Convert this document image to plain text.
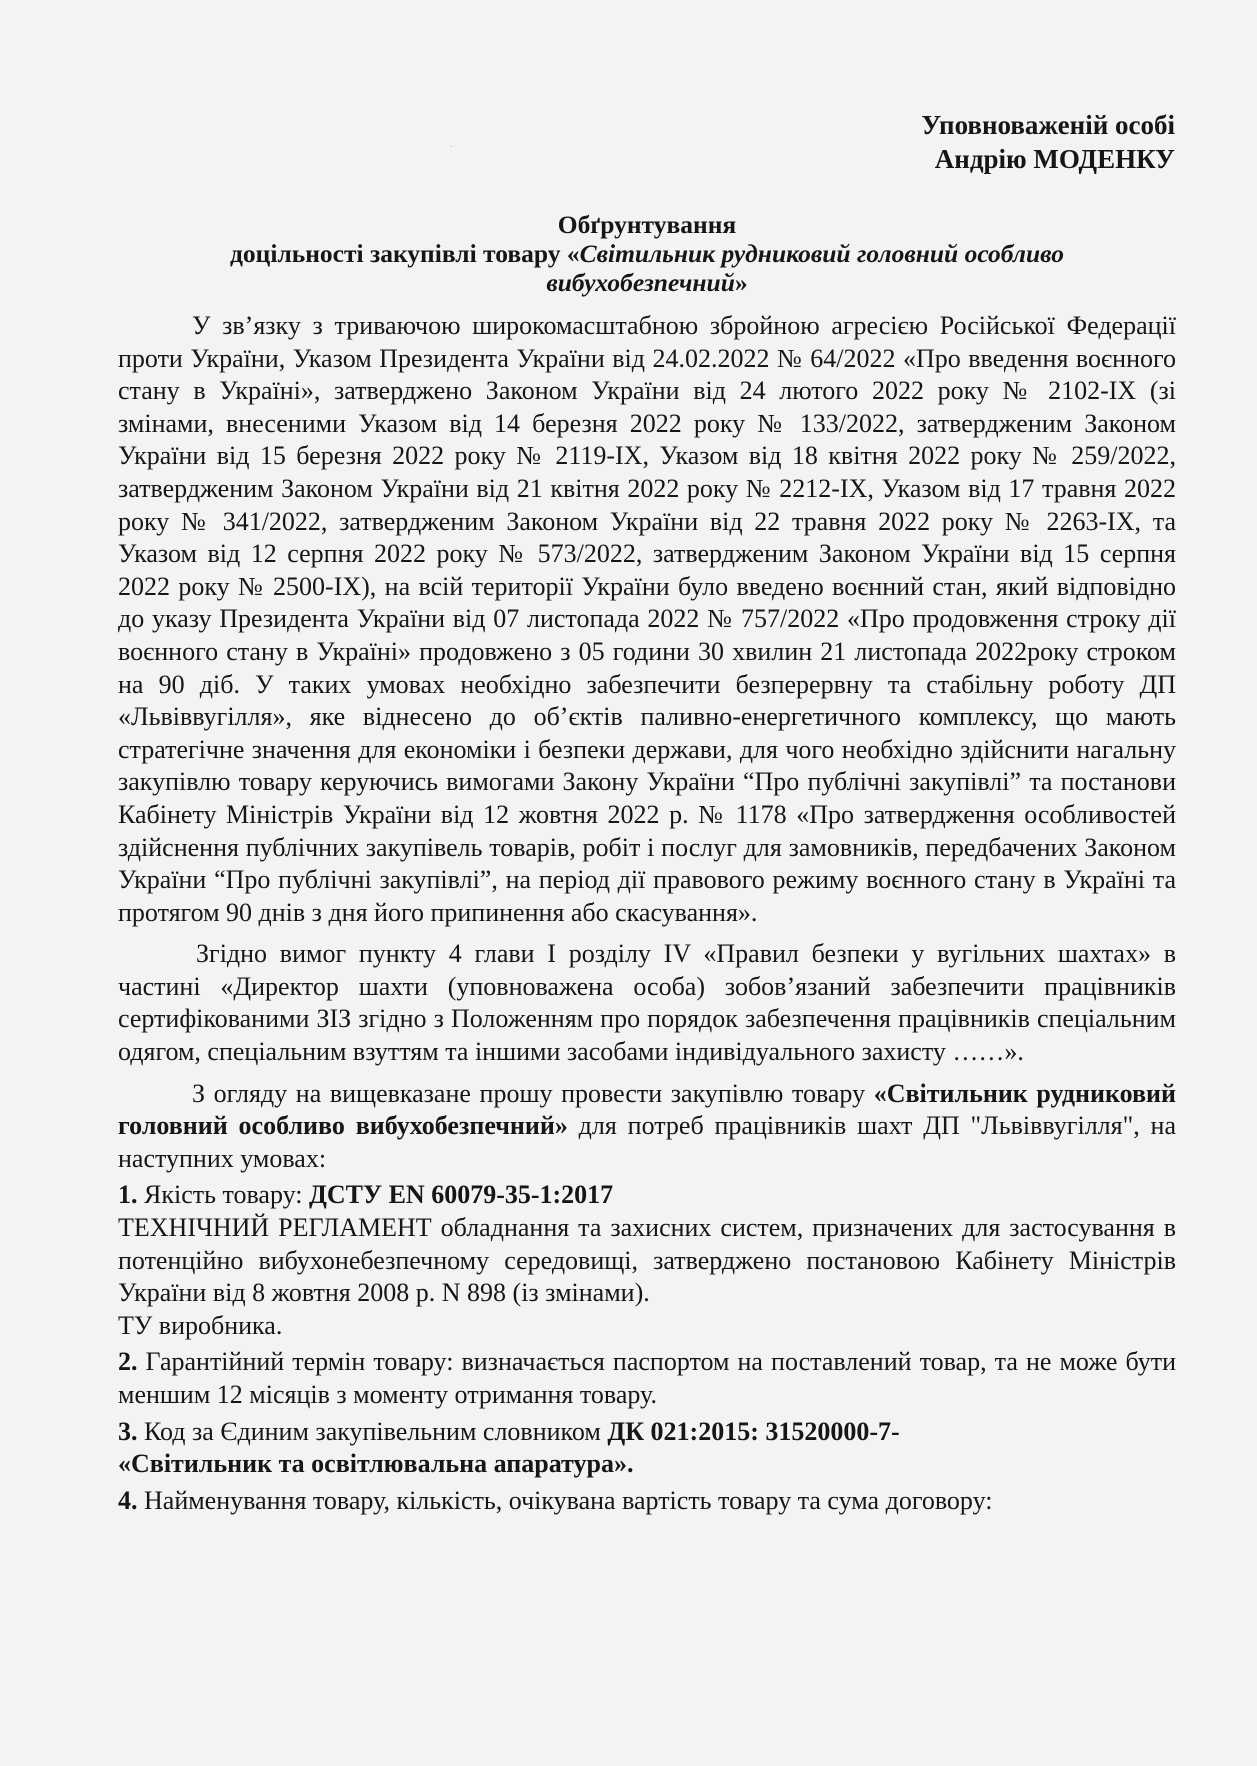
Уповноваженій особі
Андрію МОДЕНКУ
Обґрунтування
доцільності закупівлі товару «Світильник рудниковий головний особливо
вибухобезпечний»

У зв’язку з триваючою широкомасштабною збройною агресією Російської Федерації проти України, Указом Президента України від 24.02.2022 № 64/2022 «Про введення воєнного стану в Україні», затверджено Законом України від 24 лютого 2022 року № 2102-IX (зі змінами, внесеними Указом від 14 березня 2022 року № 133/2022, затвердженим Законом України від 15 березня 2022 року № 2119-IX, Указом від 18 квітня 2022 року № 259/2022, затвердженим Законом України від 21 квітня 2022 року № 2212-IX, Указом від 17 травня 2022 року № 341/2022, затвердженим Законом України від 22 травня 2022 року № 2263-IX, та Указом від 12 серпня 2022 року № 573/2022, затвердженим Законом України від 15 серпня 2022 року № 2500-IX), на всій території України було введено воєнний стан, який відповідно до указу Президента України від 07 листопада 2022 № 757/2022 «Про продовження строку дії воєнного стану в Україні» продовжено з 05 години 30 хвилин 21 листопада 2022року строком на 90 діб. У таких умовах необхідно забезпечити безперервну та стабільну роботу ДП «Львіввугілля», яке віднесено до об’єктів паливно-енергетичного комплексу, що мають стратегічне значення для економіки і безпеки держави, для чого необхідно здійснити нагальну закупівлю товару керуючись вимогами Закону України “Про публічні закупівлі” та постанови Кабінету Міністрів України від 12 жовтня 2022 р. № 1178 «Про затвердження особливостей здійснення публічних закупівель товарів, робіт і послуг для замовників, передбачених Законом України “Про публічні закупівлі”, на період дії правового режиму воєнного стану в Україні та протягом 90 днів з дня його припинення або скасування».

Згідно вимог пункту 4 глави І розділу IV «Правил безпеки у вугільних шахтах» в частині «Директор шахти (уповноважена особа) зобов’язаний забезпечити працівників сертифікованими ЗІЗ згідно з Положенням про порядок забезпечення працівників спеціальним одягом, спеціальним взуттям та іншими засобами індивідуального захисту ……».

З огляду на вищевказане прошу провести закупівлю товару «Світильник рудниковий головний особливо вибухобезпечний» для потреб працівників шахт ДП "Львіввугілля", на наступних умовах:

1. Якість товару: ДСТУ EN 60079-35-1:2017

ТЕХНІЧНИЙ РЕГЛАМЕНТ обладнання та захисних систем, призначених для застосування в потенційно вибухонебезпечному середовищі, затверджено постановою Кабінету Міністрів України від 8 жовтня 2008 р. N 898 (із змінами).

ТУ виробника.

2. Гарантійний термін товару: визначається паспортом на поставлений товар, та не може бути меншим 12 місяців з моменту отримання товару.

3. Код за Єдиним закупівельним словником ДК 021:2015: 31520000-7-

«Світильник та освітлювальна апаратура».

4. Найменування товару, кількість, очікувана вартість товару та сума договору:
